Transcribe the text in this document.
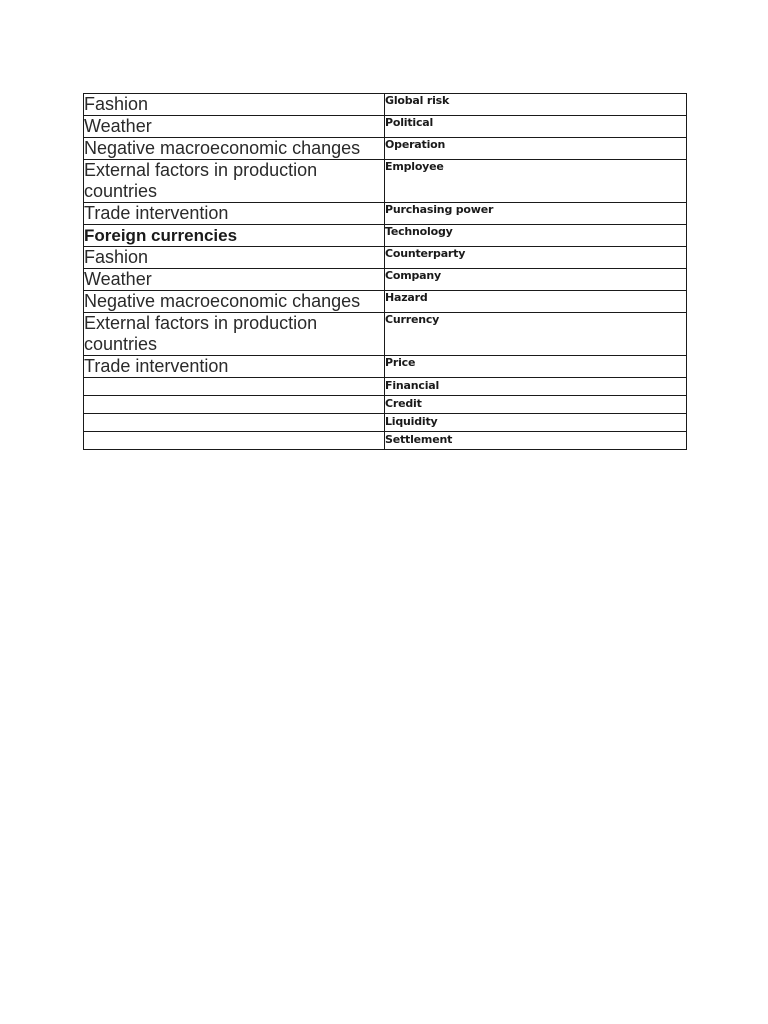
Fashion	Global risk
Weather	Political
Negative macroeconomic changes	Operation
External factors in production countries	Employee
Trade intervention	Purchasing power
Foreign currencies	Technology
Fashion	Counterparty
Weather	Company
Negative macroeconomic changes	Hazard
External factors in production countries	Currency
Trade intervention	Price
	Financial
	Credit
	Liquidity
	Settlement
